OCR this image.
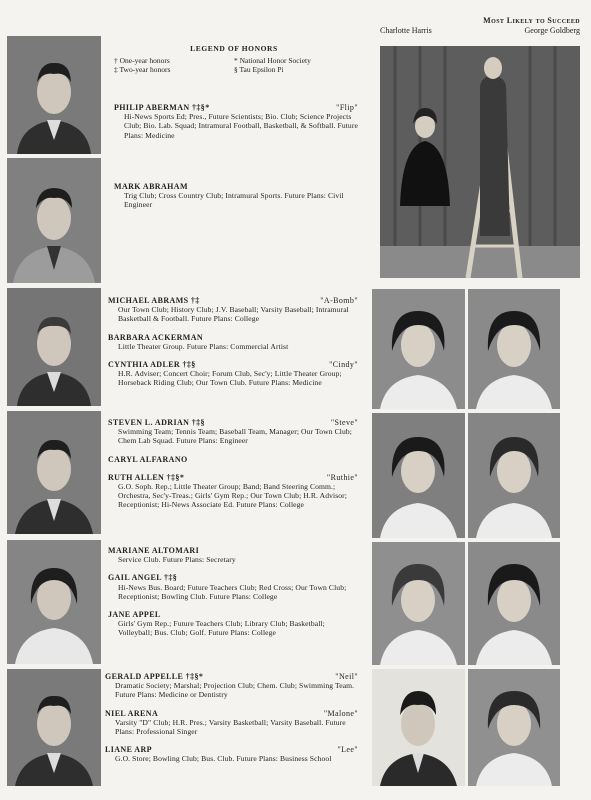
LEGEND OF HONORS
† One-year honors	* National Honor Society
‡ Two-year honors	§ Tau Epsilon Pi
Most Likely to Succeed
Charlotte Harris	George Goldberg
PHILIP ABERMAN †‡§*	"Flip"
Hi-News Sports Ed; Pres., Future Scientists; Bio. Club; Science Projects Club; Bio. Lab. Squad; Intramural Football, Basketball, & Softball. Future Plans: Medicine
MARK ABRAHAM
Trig Club; Cross Country Club; Intramural Sports. Future Plans: Civil Engineer
MICHAEL ABRAMS †‡	"A-Bomb"
Our Town Club; History Club; J.V. Baseball; Varsity Baseball; Intramural Basketball & Football. Future Plans: College
BARBARA ACKERMAN
Little Theater Group. Future Plans: Commercial Artist
CYNTHIA ADLER †‡§	"Cindy"
H.R. Adviser; Concert Choir; Forum Club, Sec'y; Little Theater Group; Horseback Riding Club; Our Town Club. Future Plans: Medicine
STEVEN L. ADRIAN †‡§	"Steve"
Swimming Team; Tennis Team; Baseball Team, Manager; Our Town Club; Chem Lab Squad. Future Plans: Engineer
CARYL ALFARANO
RUTH ALLEN †‡§*	"Ruthie"
G.O. Soph. Rep.; Little Theater Group; Band; Band Steering Comm.; Orchestra, Sec'y-Treas.; Girls' Gym Rep.; Our Town Club; H.R. Advisor; Receptionist; Hi-News Associate Ed. Future Plans: College
MARIANE ALTOMARI
Service Club. Future Plans: Secretary
GAIL ANGEL †‡§
Hi-News Bus. Board; Future Teachers Club; Red Cross; Our Town Club; Receptionist; Bowling Club. Future Plans: College
JANE APPEL
Girls' Gym Rep.; Future Teachers Club; Library Club; Basketball; Volleyball; Bus. Club; Golf. Future Plans: College
GERALD APPELLE †‡§*	"Neil"
Dramatic Society; Marshal; Projection Club; Chem. Club; Swimming Team. Future Plans: Medicine or Dentistry
NIEL ARENA	"Malone"
Varsity "D" Club; H.R. Pres.; Varsity Basketball; Varsity Baseball. Future Plans: Professional Singer
LIANE ARP	"Lee"
G.O. Store; Bowling Club; Bus. Club. Future Plans: Business School
